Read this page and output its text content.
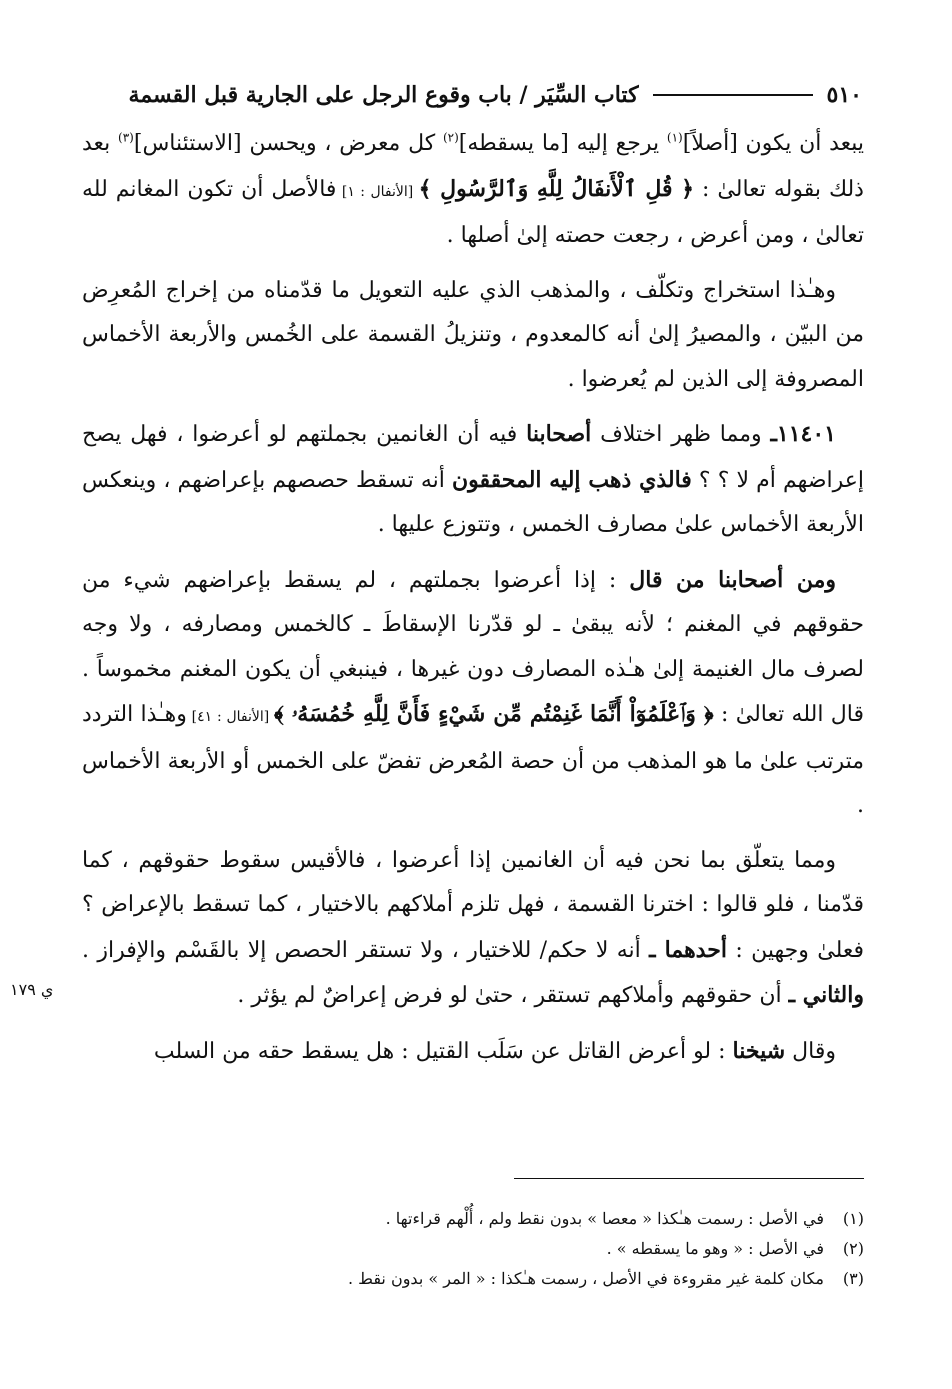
٥١٠
كتاب السِّيَر / باب وقوع الرجل على الجارية قبل القسمة

يبعد أن يكون [أصلاً]$^{(١)}$ يرجع إليه [ما يسقطه]$^{(٢)}$ كل معرض ، ويحسن [الاستئناس]$^{(٣)}$ بعد ذلك بقوله تعالىٰ : ﴿ قُلِ ٱلْأَنفَالُ لِلَّهِ وَٱلرَّسُولِ ﴾ [الأنفال : ١] فالأصل أن تكون المغانم لله تعالىٰ ، ومن أعرض ، رجعت حصته إلىٰ أصلها .

وهـٰذا استخراج وتكلّف ، والمذهب الذي عليه التعويل ما قدّمناه من إخراج المُعرِض من البيّن ، والمصيرُ إلىٰ أنه كالمعدوم ، وتنزيلُ القسمة على الخُمس والأربعة الأخماس المصروفة إلى الذين لم يُعرضوا .

١١٤٠١ـ ومما ظهر اختلاف أصحابنا فيه أن الغانمين بجملتهم لو أعرضوا ، فهل يصح إعراضهم أم لا ؟ ؟ فالذي ذهب إليه المحققون أنه تسقط حصصهم بإعراضهم ، وينعكس الأربعة الأخماس علىٰ مصارف الخمس ، وتتوزع عليها .

ومن أصحابنا من قال : إذا أعرضوا بجملتهم ، لم يسقط بإعراضهم شيء من حقوقهم في المغنم ؛ لأنه يبقىٰ ـ لو قدّرنا الإسقاطَ ـ كالخمس ومصارفه ، ولا وجه لصرف مال الغنيمة إلىٰ هـٰذه المصارف دون غيرها ، فينبغي أن يكون المغنم مخموساً . قال الله تعالىٰ : ﴿ وَٱعْلَمُوٓاْ أَنَّمَا غَنِمْتُم مِّن شَيْءٍ فَأَنَّ لِلَّهِ خُمُسَهُۥ ﴾ [الأنفال : ٤١] وهـٰذا التردد مترتب علىٰ ما هو المذهب من أن حصة المُعرض تفضّ على الخمس أو الأربعة الأخماس .

ومما يتعلّق بما نحن فيه أن الغانمين إذا أعرضوا ، فالأقيس سقوط حقوقهم ، كما قدّمنا ، فلو قالوا : اخترنا القسمة ، فهل تلزم أملاكهم بالاختيار ، كما تسقط بالإعراض ؟ فعلىٰ وجهين : أحدهما ـ أنه لا حكم/ للاختيار ، ولا تستقر الحصص إلا بالقَسْم والإفراز . والثاني ـ أن حقوقهم وأملاكهم تستقر ، حتىٰ لو فرض إعراضٌ لم يؤثر .

وقال شيخنا : لو أعرض القاتل عن سَلَب القتيل : هل يسقط حقه من السلب

ي ١٧٩
(١)
في الأصل : رسمت هـٰكذا « معصا » بدون نقط ولم ، أُلْهم قراءتها .
(٢)
في الأصل : « وهو ما يسقطه » .
(٣)
مكان كلمة غير مقروءة في الأصل ، رسمت هـٰكذا : « المر » بدون نقط .
